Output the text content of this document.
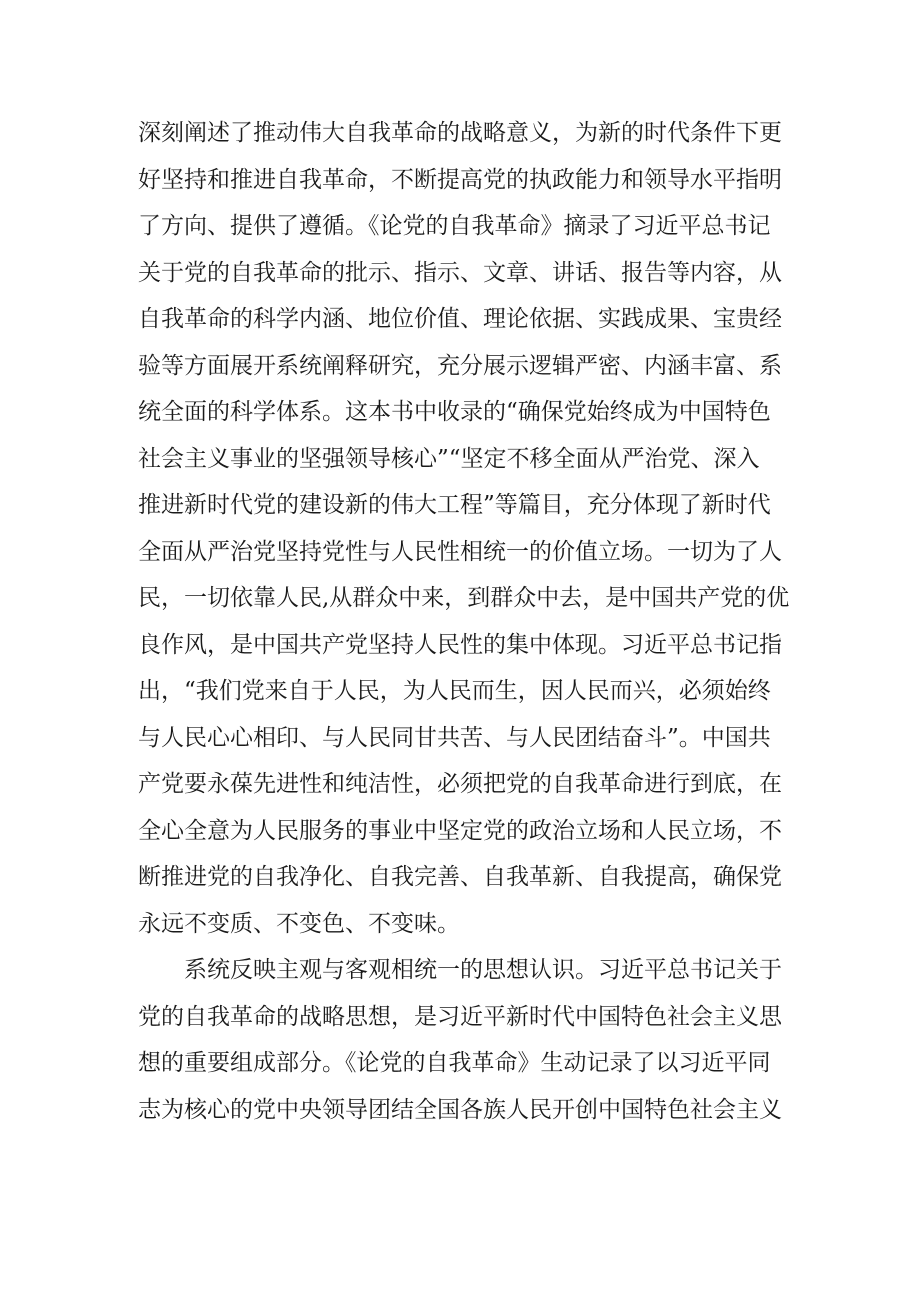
深刻阐述了推动伟大自我革命的战略意义，为新的时代条件下更
好坚持和推进自我革命，不断提高党的执政能力和领导水平指明
了方向、提供了遵循。《论党的自我革命》摘录了习近平总书记
关于党的自我革命的批示、指示、文章、讲话、报告等内容，从
自我革命的科学内涵、地位价值、理论依据、实践成果、宝贵经
验等方面展开系统阐释研究，充分展示逻辑严密、内涵丰富、系
统全面的科学体系。这本书中收录的“确保党始终成为中国特色
社会主义事业的坚强领导核心”“坚定不移全面从严治党、深入
推进新时代党的建设新的伟大工程”等篇目，充分体现了新时代
全面从严治党坚持党性与人民性相统一的价值立场。一切为了人
民，一切依靠人民,从群众中来，到群众中去，是中国共产党的优
良作风，是中国共产党坚持人民性的集中体现。习近平总书记指
出，“我们党来自于人民，为人民而生，因人民而兴，必须始终
与人民心心相印、与人民同甘共苦、与人民团结奋斗”。中国共
产党要永葆先进性和纯洁性，必须把党的自我革命进行到底，在
全心全意为人民服务的事业中坚定党的政治立场和人民立场，不
断推进党的自我净化、自我完善、自我革新、自我提高，确保党
永远不变质、不变色、不变味。
系统反映主观与客观相统一的思想认识。习近平总书记关于
党的自我革命的战略思想，是习近平新时代中国特色社会主义思
想的重要组成部分。《论党的自我革命》生动记录了以习近平同
志为核心的党中央领导团结全国各族人民开创中国特色社会主义
